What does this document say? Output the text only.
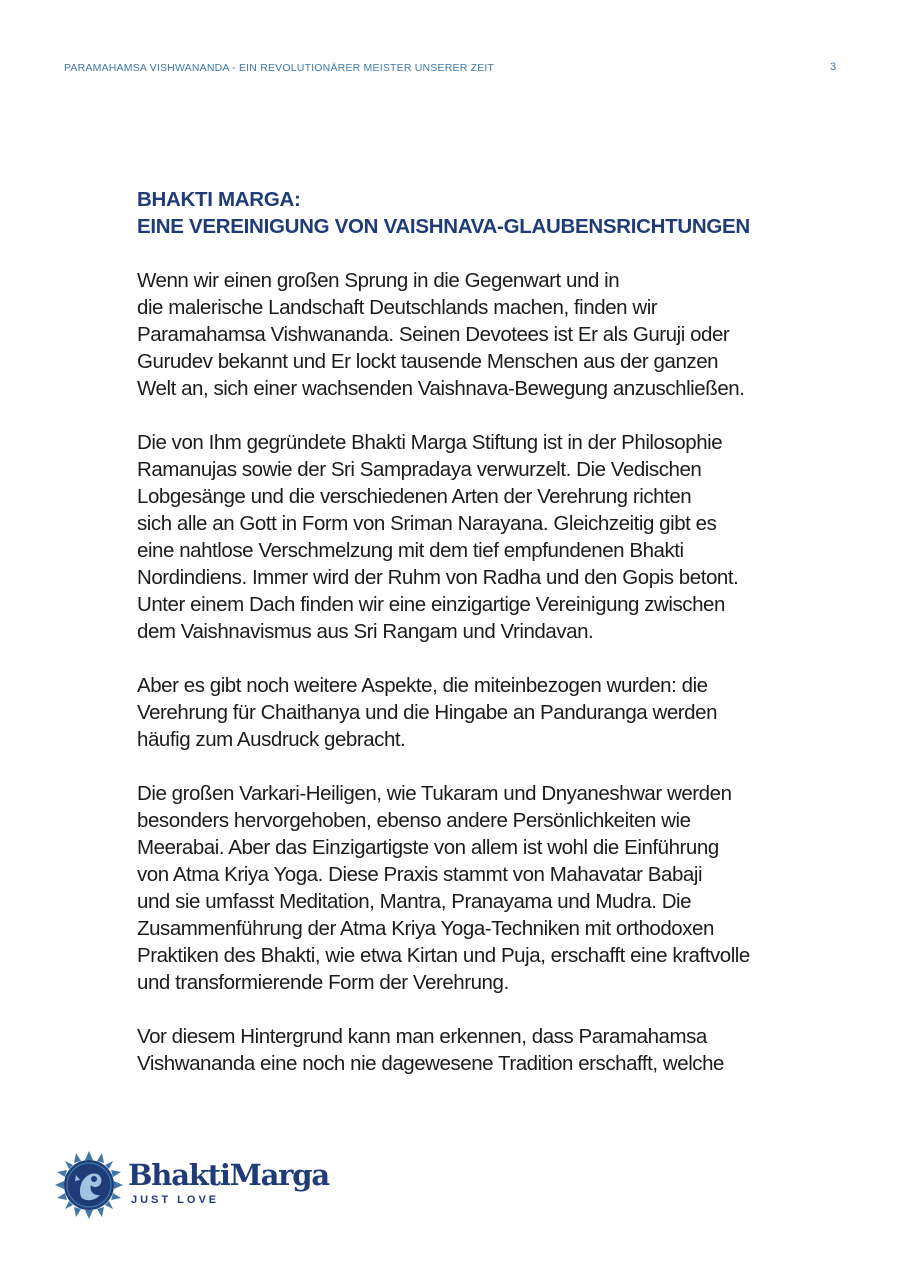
PARAMAHAMSA VISHWANANDA - EIN REVOLUTIONÄRER MEISTER UNSERER ZEIT	3
BHAKTI MARGA:
EINE VEREINIGUNG VON VAISHNAVA-GLAUBENSRICHTUNGEN

Wenn wir einen großen Sprung in die Gegenwart und in
die malerische Landschaft Deutschlands machen, finden wir
Paramahamsa Vishwananda. Seinen Devotees ist Er als Guruji oder
Gurudev bekannt und Er lockt tausende Menschen aus der ganzen
Welt an, sich einer wachsenden Vaishnava-Bewegung anzuschließen.

Die von Ihm gegründete Bhakti Marga Stiftung ist in der Philosophie
Ramanujas sowie der Sri Sampradaya verwurzelt. Die Vedischen
Lobgesänge und die verschiedenen Arten der Verehrung richten
sich alle an Gott in Form von Sriman Narayana. Gleichzeitig gibt es
eine nahtlose Verschmelzung mit dem tief empfundenen Bhakti
Nordindiens. Immer wird der Ruhm von Radha und den Gopis betont.
Unter einem Dach finden wir eine einzigartige Vereinigung zwischen
dem Vaishnavismus aus Sri Rangam und Vrindavan.

Aber es gibt noch weitere Aspekte, die miteinbezogen wurden: die
Verehrung für Chaithanya und die Hingabe an Panduranga werden
häufig zum Ausdruck gebracht.

Die großen Varkari-Heiligen, wie Tukaram und Dnyaneshwar werden
besonders hervorgehoben, ebenso andere Persönlichkeiten wie
Meerabai. Aber das Einzigartigste von allem ist wohl die Einführung
von Atma Kriya Yoga. Diese Praxis stammt von Mahavatar Babaji
und sie umfasst Meditation, Mantra, Pranayama und Mudra. Die
Zusammenführung der Atma Kriya Yoga-Techniken mit orthodoxen
Praktiken des Bhakti, wie etwa Kirtan und Puja, erschafft eine kraftvolle
und transformierende Form der Verehrung.

Vor diesem Hintergrund kann man erkennen, dass Paramahamsa
Vishwananda eine noch nie dagewesene Tradition erschafft, welche

BhaktiMarga
JUST LOVE
